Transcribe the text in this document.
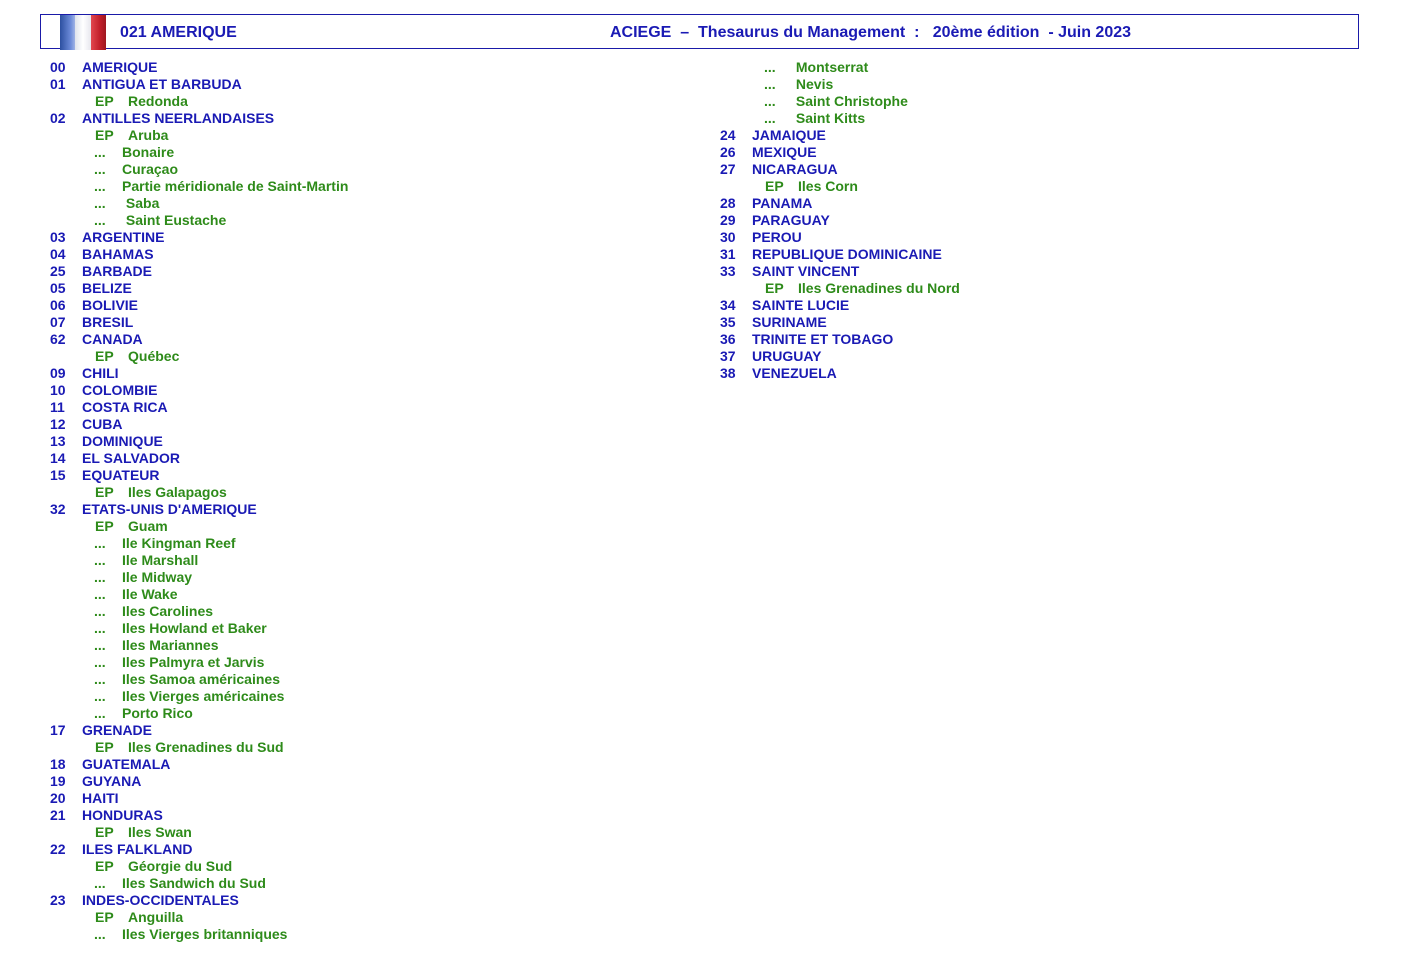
021 AMERIQUE	ACIEGE  –  Thesaurus du Management  :   20ème édition  - Juin 2023
00 AMERIQUE
01 ANTIGUA ET BARBUDA
EP Redonda
02 ANTILLES NEERLANDAISES
EP Aruba
... Bonaire
... Curaçao
... Partie méridionale de Saint-Martin
... Saba
... Saint Eustache
03 ARGENTINE
04 BAHAMAS
25 BARBADE
05 BELIZE
06 BOLIVIE
07 BRESIL
62 CANADA
EP Québec
09 CHILI
10 COLOMBIE
11 COSTA RICA
12 CUBA
13 DOMINIQUE
14 EL SALVADOR
15 EQUATEUR
EP Iles Galapagos
32 ETATS-UNIS D'AMERIQUE
EP Guam
... Ile Kingman Reef
... Ile Marshall
... Ile Midway
... Ile Wake
... Iles Carolines
... Iles Howland et Baker
... Iles Mariannes
... Iles Palmyra et Jarvis
... Iles Samoa américaines
... Iles Vierges américaines
... Porto Rico
17 GRENADE
EP Iles Grenadines du Sud
18 GUATEMALA
19 GUYANA
20 HAITI
21 HONDURAS
EP Iles Swan
22 ILES FALKLAND
EP Géorgie du Sud
... Iles Sandwich du Sud
23 INDES-OCCIDENTALES
EP Anguilla
... Iles Vierges britanniques
... Montserrat
... Nevis
... Saint Christophe
... Saint Kitts
24 JAMAIQUE
26 MEXIQUE
27 NICARAGUA
EP Iles Corn
28 PANAMA
29 PARAGUAY
30 PEROU
31 REPUBLIQUE DOMINICAINE
33 SAINT VINCENT
EP Iles Grenadines du Nord
34 SAINTE LUCIE
35 SURINAME
36 TRINITE ET TOBAGO
37 URUGUAY
38 VENEZUELA
